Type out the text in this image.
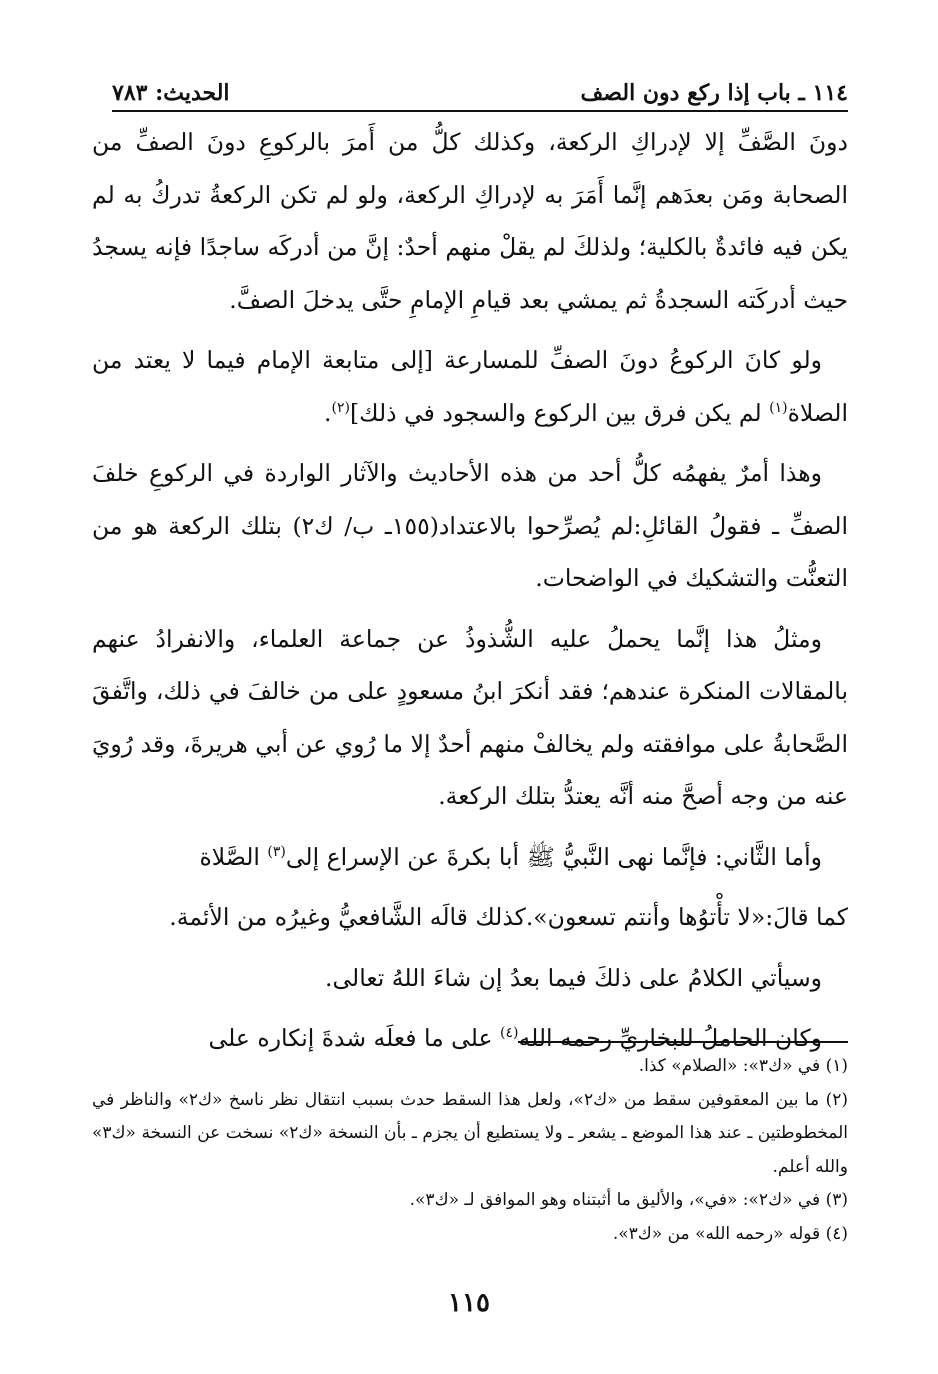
١١٤ ـ باب إذا ركع دون الصف
الحديث: ٧٨٣

دونَ الصَّفِّ إلا لإدراكِ الركعة، وكذلك كلُّ من أَمرَ بالركوعِ دونَ الصفِّ من الصحابة ومَن بعدَهم إنَّما أَمَرَ به لإدراكِ الركعة، ولو لم تكن الركعةُ تدركُ به لم يكن فيه فائدةٌ بالكلية؛ ولذلكَ لم يقلْ منهم أحدٌ: إنَّ من أدركَه ساجدًا فإنه يسجدُ حيث أدركَته السجدةُ ثم يمشي بعد قيامِ الإمامِ حتَّى يدخلَ الصفَّ.

ولو كانَ الركوعُ دونَ الصفِّ للمسارعة [إلى متابعة الإمام فيما لا يعتد من الصلاة$^{(١)}$ لم يكن فرق بين الركوع والسجود في ذلك]$^{(٢)}$.

وهذا أمرٌ يفهمُه كلُّ أحد من هذه الأحاديث والآثار الواردة في الركوعِ خلفَ الصفِّ ـ فقولُ القائلِ:لم يُصرِّحوا بالاعتداد(١٥٥ـ ب/ ك٢) بتلك الركعة هو من التعنُّت والتشكيك في الواضحات.

ومثلُ هذا إنَّما يحملُ عليه الشُّذوذُ عن جماعة العلماء، والانفرادُ عنهم بالمقالات المنكرة عندهم؛ فقد أنكرَ ابنُ مسعودٍ على من خالفَ في ذلك، واتَّفقَ الصَّحابةُ على موافقته ولم يخالفْ منهم أحدٌ إلا ما رُوي عن أبي هريرةَ، وقد رُويَ عنه من وجه أصحَّ منه أنَّه يعتدُّ بتلك الركعة.

وأما الثَّاني: فإنَّما نهى النَّبيُّ ﷺ أبا بكرةَ عن الإسراع إلى$^{(٣)}$ الصَّلاة

كما قالَ:«لا تأْتوُها وأنتم تسعون».كذلك قالَه الشَّافعيُّ وغيرُه من الأئمة.

وسيأتي الكلامُ على ذلكَ فيما بعدُ إن شاءَ اللهُ تعالى.

وكان الحاملُ للبخاريِّ رحمه الله$^{(٤)}$ على ما فعلَه شدةَ إنكاره على

(١) في «ك٣»: «الصلام» كذا.

(٢) ما بين المعقوفين سقط من «ك٢»، ولعل هذا السقط حدث بسبب انتقال نظر ناسخ «ك٢» والناظر في المخطوطتين ـ عند هذا الموضع ـ يشعر ـ ولا يستطيع أن يجزم ـ بأن النسخة «ك٢» نسخت عن النسخة «ك٣» والله أعلم.

(٣) في «ك٢»: «في»، والأليق ما أثبتناه وهو الموافق لـ «ك٣».

(٤) قوله «رحمه الله» من «ك٣».

١١٥
